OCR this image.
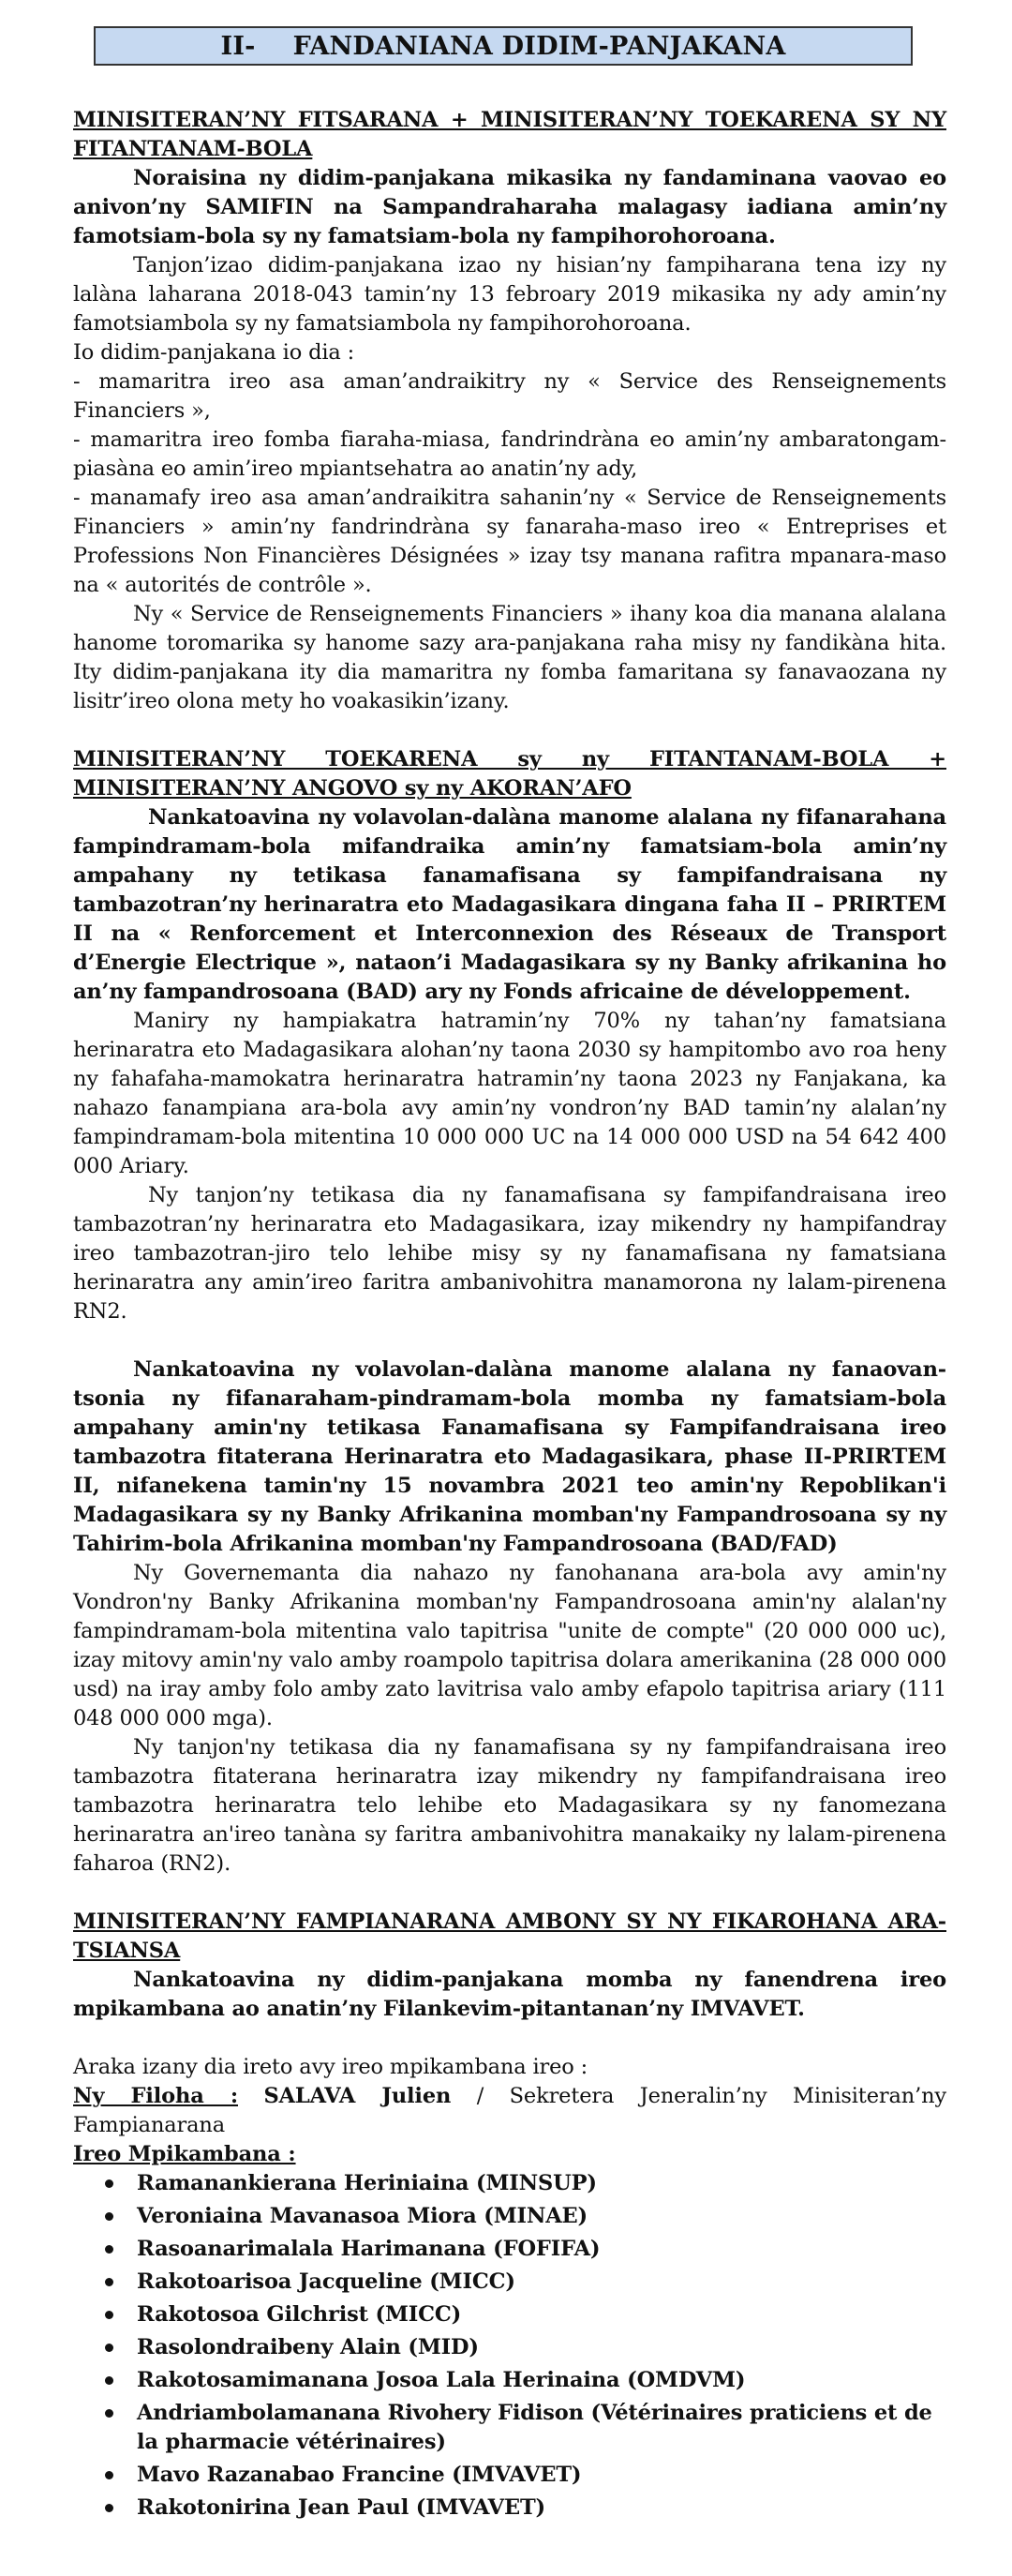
II- FANDANIANA DIDIM-PANJAKANA
MINISITERAN’NY FITSARANA + MINISITERAN’NY TOEKARENA SY NY FITANTANAM-BOLA

Noraisina ny didim-panjakana mikasika ny fandaminana vaovao eo anivon’ny SAMIFIN na Sampandraharaha malagasy iadiana amin’ny famotsiam-bola sy ny famatsiam-bola ny fampihorohoroana.

Tanjon’izao didim-panjakana izao ny hisian’ny fampiharana tena izy ny lalàna laharana 2018-043 tamin’ny 13 febroary 2019 mikasika ny ady amin’ny famotsiambola sy ny famatsiambola ny fampihorohoroana.

Io didim-panjakana io dia :

- mamaritra ireo asa aman’andraikitry ny « Service des Renseignements Financiers »,

- mamaritra ireo fomba fiaraha-miasa, fandrindràna eo amin’ny ambaratongam-piasàna eo amin’ireo mpiantsehatra ao anatin’ny ady,

- manamafy ireo asa aman’andraikitra sahanin’ny « Service de Renseignements Financiers » amin’ny fandrindràna sy fanaraha-maso ireo « Entreprises et Professions Non Financières Désignées » izay tsy manana rafitra mpanara-maso na « autorités de contrôle ».

Ny « Service de Renseignements Financiers » ihany koa dia manana alalana hanome toromarika sy hanome sazy ara-panjakana raha misy ny fandikàna hita. Ity didim-panjakana ity dia mamaritra ny fomba famaritana sy fanavaozana ny lisitr’ireo olona mety ho voakasikin’izany.

MINISITERAN’NY TOEKARENA sy ny FITANTANAM-BOLA + MINISITERAN’NY ANGOVO sy ny AKORAN’AFO

Nankatoavina ny volavolan-dalàna manome alalana ny fifanarahana fampindramam-bola mifandraika amin’ny famatsiam-bola amin’ny ampahany ny tetikasa fanamafisana sy fampifandraisana ny tambazotran’ny herinaratra eto Madagasikara dingana faha II – PRIRTEM II na « Renforcement et Interconnexion des Réseaux de Transport d’Energie Electrique », nataon’i Madagasikara sy ny Banky afrikanina ho an’ny fampandrosoana (BAD) ary ny Fonds africaine de développement.

Maniry ny hampiakatra hatramin’ny 70% ny tahan’ny famatsiana herinaratra eto Madagasikara alohan’ny taona 2030 sy hampitombo avo roa heny ny fahafaha-mamokatra herinaratra hatramin’ny taona 2023 ny Fanjakana, ka nahazo fanampiana ara-bola avy amin’ny vondron’ny BAD tamin’ny alalan’ny fampindramam-bola mitentina 10 000 000 UC na 14 000 000 USD na 54 642 400 000 Ariary.

Ny tanjon’ny tetikasa dia ny fanamafisana sy fampifandraisana ireo tambazotran’ny herinaratra eto Madagasikara, izay mikendry ny hampifandray ireo tambazotran-jiro telo lehibe misy sy ny fanamafisana ny famatsiana herinaratra any amin’ireo faritra ambanivohitra manamorona ny lalam-pirenena RN2.

Nankatoavina ny volavolan-dalàna manome alalana ny fanaovan-tsonia ny fifanaraham-pindramam-bola momba ny famatsiam-bola ampahany amin'ny tetikasa Fanamafisana sy Fampifandraisana ireo tambazotra fitaterana Herinaratra eto Madagasikara, phase II-PRIRTEM II, nifanekena tamin'ny 15 novambra 2021 teo amin'ny Repoblikan'i Madagasikara sy ny Banky Afrikanina momban'ny Fampandrosoana sy ny Tahirim-bola Afrikanina momban'ny Fampandrosoana (BAD/FAD)

Ny Governemanta dia nahazo ny fanohanana ara-bola avy amin'ny Vondron'ny Banky Afrikanina momban'ny Fampandrosoana amin'ny alalan'ny fampindramam-bola mitentina valo tapitrisa "unite de compte" (20 000 000 uc), izay mitovy amin'ny valo amby roampolo tapitrisa dolara amerikanina (28 000 000 usd) na iray amby folo amby zato lavitrisa valo amby efapolo tapitrisa ariary (111 048 000 000 mga).

Ny tanjon'ny tetikasa dia ny fanamafisana sy ny fampifandraisana ireo tambazotra fitaterana herinaratra izay mikendry ny fampifandraisana ireo tambazotra herinaratra telo lehibe eto Madagasikara sy ny fanomezana herinaratra an'ireo tanàna sy faritra ambanivohitra manakaiky ny lalam-pirenena faharoa (RN2).

MINISITERAN’NY FAMPIANARANA AMBONY SY NY FIKAROHANA ARA-TSIANSA

Nankatoavina ny didim-panjakana momba ny fanendrena ireo mpikambana ao anatin’ny Filankevim-pitantanan’ny IMVAVET.

Araka izany dia ireto avy ireo mpikambana ireo :

Ny Filoha : SALAVA Julien / Sekretera Jeneralin’ny Minisiteran’ny Fampianarana

Ireo Mpikambana :

Ramanankierana Heriniaina (MINSUP)
Veroniaina Mavanasoa Miora (MINAE)
Rasoanarimalala Harimanana (FOFIFA)
Rakotoarisoa Jacqueline (MICC)
Rakotosoa Gilchrist (MICC)
Rasolondraibeny Alain (MID)
Rakotosamimanana Josoa Lala Herinaina (OMDVM)
Andriambolamanana Rivohery Fidison (Vétérinaires praticiens et de la pharmacie vétérinaires)
Mavo Razanabao Francine (IMVAVET)
Rakotonirina Jean Paul (IMVAVET)
